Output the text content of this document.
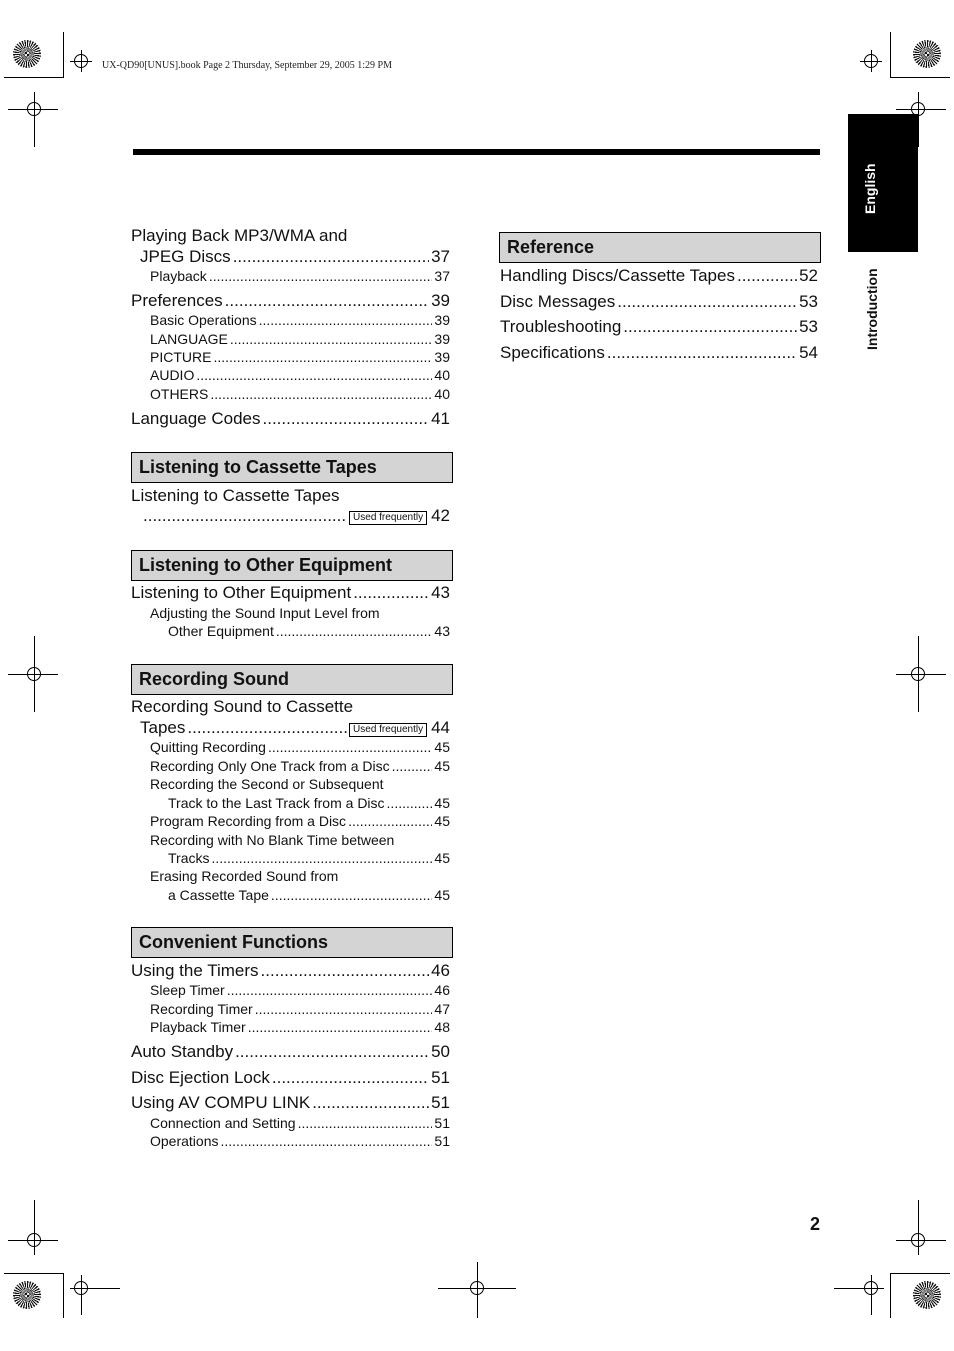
UX-QD90[UNUS].book Page 2 Thursday, September 29, 2005 1:29 PM
English
Introduction
Playing Back MP3/WMA and
JPEG Discs .....	37
Playback .....	37
Preferences .....	39
Basic Operations .....	39
LANGUAGE .....	39
PICTURE .....	39
AUDIO .....	40
OTHERS .....	40
Language Codes .....	41
Listening to Cassette Tapes
Listening to Cassette Tapes
.....
Used frequently 42
Listening to Other Equipment
Listening to Other Equipment .....	43
Adjusting the Sound Input Level from
Other Equipment .....	43
Recording Sound
Recording Sound to Cassette
Tapes .....	Used frequently 44
Quitting Recording .....	45
Recording Only One Track from a Disc .....	45
Recording the Second or Subsequent
Track to the Last Track from a Disc .....	45
Program Recording from a Disc .....	45
Recording with No Blank Time between
Tracks .....	45
Erasing Recorded Sound from
a Cassette Tape .....	45
Convenient Functions
Using the Timers .....	46
Sleep Timer .....	46
Recording Timer .....	47
Playback Timer .....	48
Auto Standby .....	50
Disc Ejection Lock .....	51
Using AV COMPU LINK .....	51
Connection and Setting .....	51
Operations .....	51
Reference
Handling Discs/Cassette Tapes .....	52
Disc Messages .....	53
Troubleshooting .....	53
Specifications .....	54
2
